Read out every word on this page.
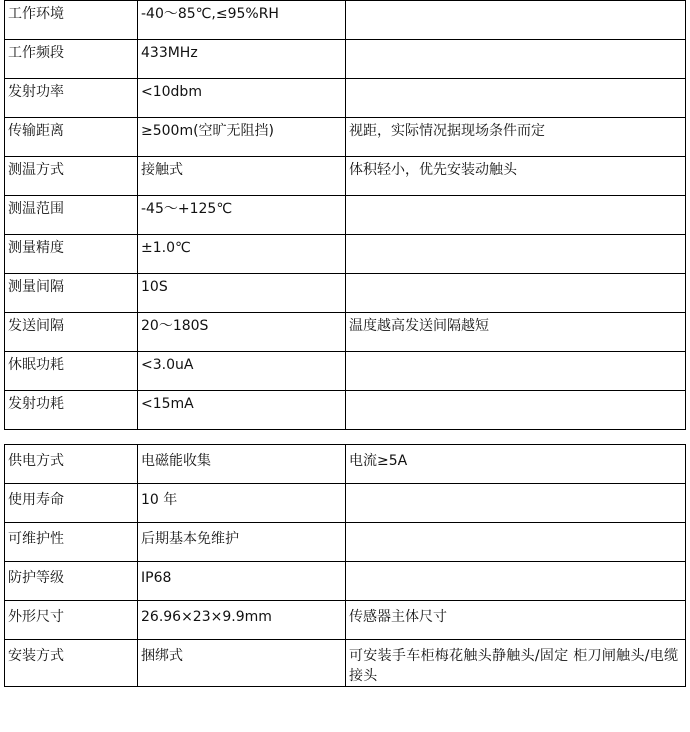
工作环境	-40～85℃,≤95%RH	
工作频段	433MHz	
发射功率	<10dbm	
传输距离	≥500m(空旷无阻挡)	视距，实际情况据现场条件而定
测温方式	接触式	体积轻小，优先安装动触头
测温范围	-45～+125℃	
测量精度	±1.0℃	
测量间隔	10S	
发送间隔	20～180S	温度越高发送间隔越短
休眠功耗	<3.0uA	
发射功耗	<15mA	
供电方式	电磁能收集	电流≥5A
使用寿命	10 年	
可维护性	后期基本免维护	
防护等级	IP68	
外形尺寸	26.96×23×9.9mm	传感器主体尺寸
安装方式	捆绑式	可安装手车柜梅花触头静触头/固定 柜刀闸触头/电缆接头
